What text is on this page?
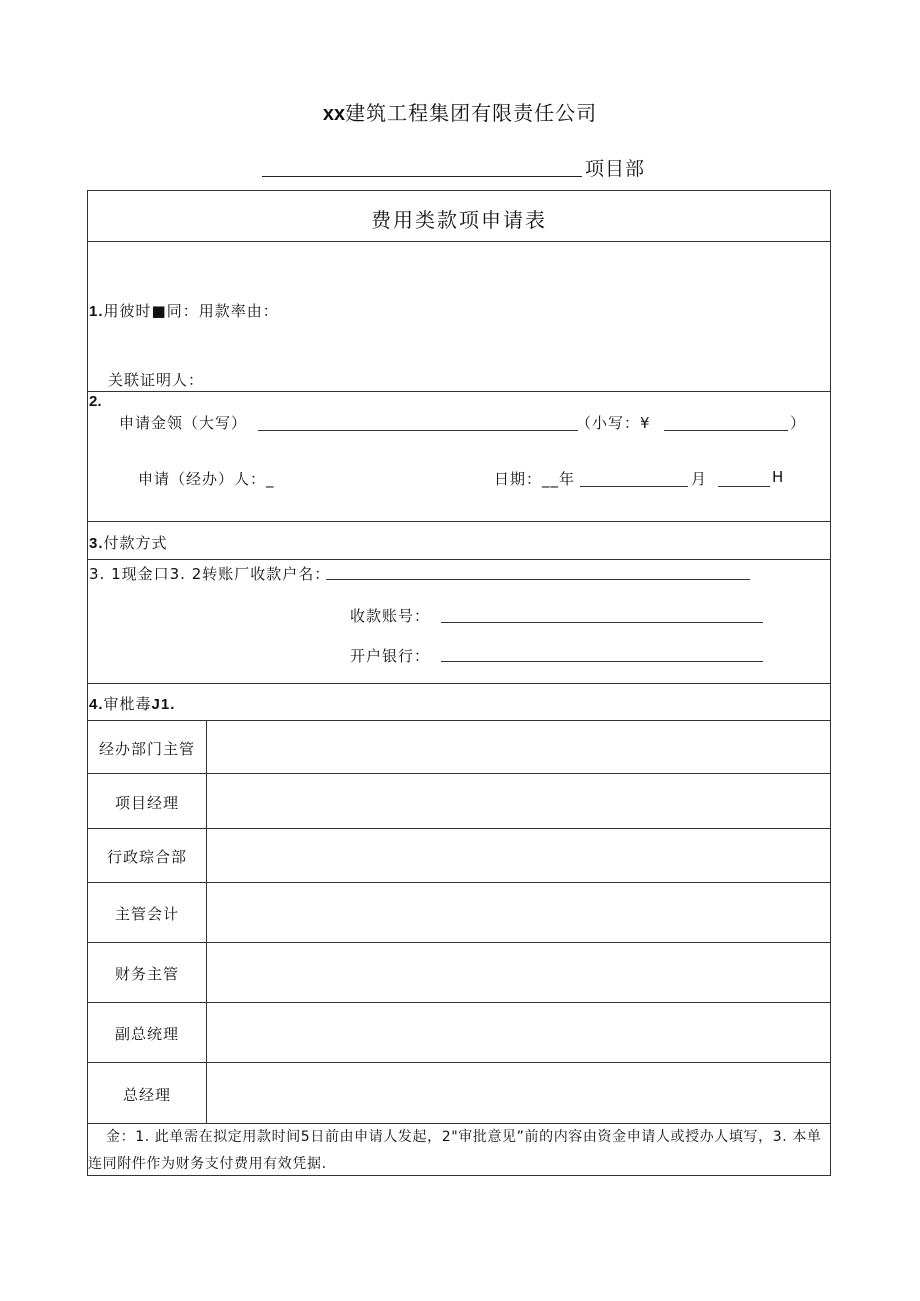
xx建筑工程集团有限责任公司
项目部
费用类款项申请表
1.用彼时■同：用款率由：
关联证明人：
2.
申请金领（大写）	（小写：¥	）
申请（经办）人：_	日期：__年	月	H
3.付款方式
3. 1现金口3. 2转账厂收款户名：
收款账号：
开户银行：
4.审枇毒J1.
经办部门主管
项目经理
行政琮合部
主管会计
财务主管
副总统理
总经理
金：1. 此单需在拟定用款时间5日前由申请人发起，2"审批意见”前的内容由资金申请人或授办人填写，3. 本单连同附件作为财务支付费用有效凭据.
